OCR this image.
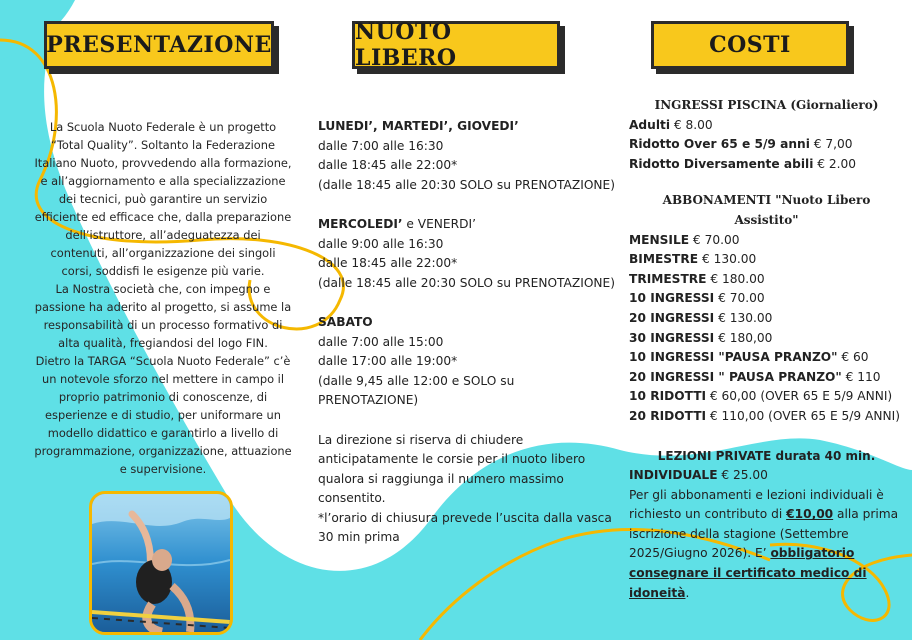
PRESENTAZIONE	NUOTO LIBERO	COSTI

La Scuola Nuoto Federale è un progetto

“Total Quality”. Soltanto la Federazione

Italiano Nuoto, provvedendo alla formazione,

e all’aggiornamento e alla specializzazione

dei tecnici, può garantire un servizio

efficiente ed efficace che, dalla preparazione

dell’istruttore, all’adeguatezza dei

contenuti, all’organizzazione dei singoli

corsi, soddisfi le esigenze più varie.

La Nostra società che, con impegno e

passione ha aderito al progetto, si assume la

responsabilità di un processo formativo di

alta qualità, fregiandosi del logo FIN.

Dietro la TARGA “Scuola Nuoto Federale” c’è

un notevole sforzo nel mettere in campo il

proprio patrimonio di conoscenze, di

esperienze e di studio, per uniformare un

modello didattico e garantirlo a livello di

programmazione, organizzazione, attuazione

e supervisione.

LUNEDI’, MARTEDI’, GIOVEDI’
dalle 7:00 alle 16:30
dalle 18:45 alle 22:00*
(dalle 18:45 alle 20:30 SOLO su PRENOTAZIONE)
MERCOLEDI’ e VENERDI’
dalle 9:00 alle 16:30
dalle 18:45 alle 22:00*
(dalle 18:45 alle 20:30 SOLO su PRENOTAZIONE)
SABATO
dalle 7:00 alle 15:00
dalle 17:00 alle 19:00*
(dalle 9,45 alle 12:00 e SOLO su PRENOTAZIONE)
La direzione si riserva di chiudere
anticipatamente le corsie per il nuoto libero
qualora si raggiunga il numero massimo
consentito.
*l’orario di chiusura prevede l’uscita dalla vasca
30 min prima
INGRESSI PISCINA (Giornaliero)
Adulti € 8.00
Ridotto Over 65 e 5/9 anni € 7,00
Ridotto Diversamente abili € 2.00
ABBONAMENTI "Nuoto Libero Assistito"
MENSILE € 70.00
BIMESTRE € 130.00
TRIMESTRE € 180.00
10 INGRESSI € 70.00
20 INGRESSI € 130.00
30 INGRESSI € 180,00
10 INGRESSI "PAUSA PRANZO" € 60
20 INGRESSI " PAUSA PRANZO" € 110
10 RIDOTTI € 60,00 (OVER 65 E 5/9 ANNI)
20 RIDOTTI € 110,00 (OVER 65 E 5/9 ANNI)
LEZIONI PRIVATE durata 40 min.
INDIVIDUALE € 25.00
Per gli abbonamenti e lezioni individuali è richiesto un contributo di €10,00 alla prima iscrizione della stagione (Settembre 2025/Giugno 2026). E’ obbligatorio consegnare il certificato medico di idoneità.
